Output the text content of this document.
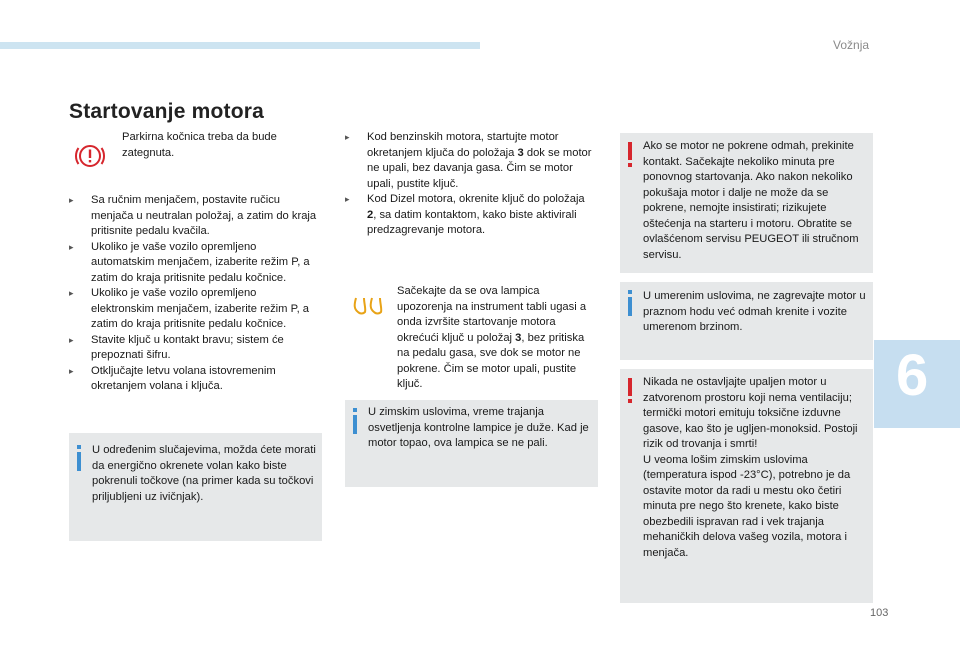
Vožnja
6
Startovanje motora
Parkirna kočnica treba da bude zategnuta.
▸ Sa ručnim menjačem, postavite ručicu menjača u neutralan položaj, a zatim do kraja pritisnite pedalu kvačila.
▸ Ukoliko je vaše vozilo opremljeno automatskim menjačem, izaberite režim P, a zatim do kraja pritisnite pedalu kočnice.
▸ Ukoliko je vaše vozilo opremljeno elektronskim menjačem, izaberite režim P, a zatim do kraja pritisnite pedalu kočnice.
▸ Stavite ključ u kontakt bravu; sistem će prepoznati šifru.
▸ Otključajte letvu volana istovremenim okretanjem volana i ključa.
U određenim slučajevima, možda ćete morati da energično okrenete volan kako biste pokrenuli točkove (na primer kada su točkovi priljubljeni uz ivičnjak).
▸ Kod benzinskih motora, startujte motor okretanjem ključa do položaja 3 dok se motor ne upali, bez davanja gasa. Čim se motor upali, pustite ključ.
▸ Kod Dizel motora, okrenite ključ do položaja 2, sa datim kontaktom, kako biste aktivirali predzagrevanje motora.
Sačekajte da se ova lampica upozorenja na instrument tabli ugasi a onda izvršite startovanje motora okrećući ključ u položaj 3, bez pritiska na pedalu gasa, sve dok se motor ne pokrene. Čim se motor upali, pustite ključ.
U zimskim uslovima, vreme trajanja osvetljenja kontrolne lampice je duže. Kad je motor topao, ova lampica se ne pali.
Ako se motor ne pokrene odmah, prekinite kontakt. Sačekajte nekoliko minuta pre ponovnog startovanja. Ako nakon nekoliko pokušaja motor i dalje ne može da se pokrene, nemojte insistirati; rizikujete oštećenja na starteru i motoru. Obratite se ovlašćenom servisu PEUGEOT ili stručnom servisu.
U umerenim uslovima, ne zagrevajte motor u praznom hodu već odmah krenite i vozite umerenom brzinom.
Nikada ne ostavljajte upaljen motor u zatvorenom prostoru koji nema ventilaciju; termički motori emituju toksične izduvne gasove, kao što je ugljen-monoksid. Postoji rizik od trovanja i smrti!
U veoma lošim zimskim uslovima (temperatura ispod -23°C), potrebno je da ostavite motor da radi u mestu oko četiri minuta pre nego što krenete, kako biste obezbedili ispravan rad i vek trajanja mehaničkih delova vašeg vozila, motora i menjača.
103
